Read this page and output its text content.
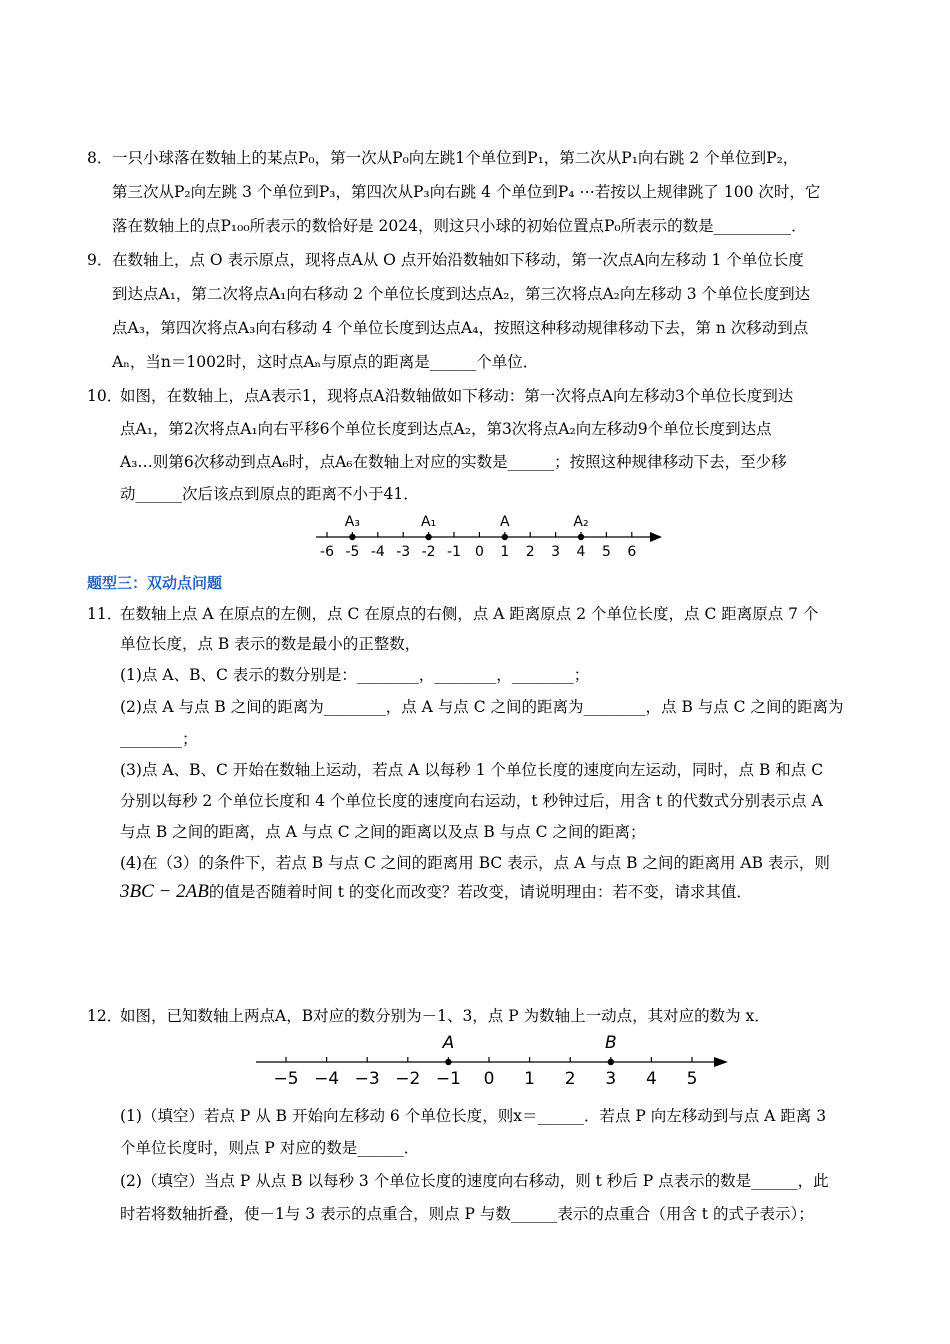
8． 一只小球落在数轴上的某点P₀，第一次从P₀向左跳1个单位到P₁，第二次从P₁向右跳 2 个单位到P₂，
第三次从P₂向左跳 3 个单位到P₃，第四次从P₃向右跳 4 个单位到P₄ ⋯若按以上规律跳了 100 次时，它
落在数轴上的点P₁₀₀所表示的数恰好是 2024，则这只小球的初始位置点P₀所表示的数是__________．
9． 在数轴上，点 O 表示原点，现将点A从 O 点开始沿数轴如下移动，第一次点A向左移动 1 个单位长度
到达点A₁，第二次将点A₁向右移动 2 个单位长度到达点A₂，第三次将点A₂向左移动 3 个单位长度到达
点A₃，第四次将点A₃向右移动 4 个单位长度到达点A₄，按照这种移动规律移动下去，第 n 次移动到点
Aₙ，当n＝1002时，这时点Aₙ与原点的距离是______个单位．
10．
如图，在数轴上，点A表示1，现将点A沿数轴做如下移动：第一次将点A向左移动3个单位长度到达
点A₁，第2次将点A₁向右平移6个单位长度到达点A₂，第3次将点A₂向左移动9个单位长度到达点
A₃…则第6次移动到点A₆时，点A₆在数轴上对应的实数是______；按照这种规律移动下去，至少移
动______次后该点到原点的距离不小于41．
-6 -5 -4 -3 -2 -1 0 1 2 3 4 5 6
A₃	A₁	A	A₂
题型三：双动点问题
11．
在数轴上点 A 在原点的左侧，点 C 在原点的右侧，点 A 距离原点 2 个单位长度，点 C 距离原点 7 个
单位长度，点 B 表示的数是最小的正整数，
(1)点 A、B、C 表示的数分别是：________，________，________；
(2)点 A 与点 B 之间的距离为________，点 A 与点 C 之间的距离为________，点 B 与点 C 之间的距离为
________；
(3)点 A、B、C 开始在数轴上运动，若点 A 以每秒 1 个单位长度的速度向左运动，同时，点 B 和点 C
分别以每秒 2 个单位长度和 4 个单位长度的速度向右运动，t 秒钟过后，用含 t 的代数式分别表示点 A
与点 B 之间的距离，点 A 与点 C 之间的距离以及点 B 与点 C 之间的距离；
(4)在（3）的条件下，若点 B 与点 C 之间的距离用 BC 表示，点 A 与点 B 之间的距离用 AB 表示，则
3BC − 2AB的值是否随着时间 t 的变化而改变？若改变，请说明理由：若不变，请求其值．
12．
如图，已知数轴上两点A，B对应的数分别为－1、3，点 P 为数轴上一动点，其对应的数为 x．
−5 −4 −3 −2 −1 0 1 2 3 4 5
A	B
(1)（填空）若点 P 从 B 开始向左移动 6 个单位长度，则x＝______．若点 P 向左移动到与点 A 距离 3
个单位长度时，则点 P 对应的数是______．
(2)（填空）当点 P 从点 B 以每秒 3 个单位长度的速度向右移动，则 t 秒后 P 点表示的数是______，此
时若将数轴折叠，使－1与 3 表示的点重合，则点 P 与数______表示的点重合（用含 t 的式子表示）；
